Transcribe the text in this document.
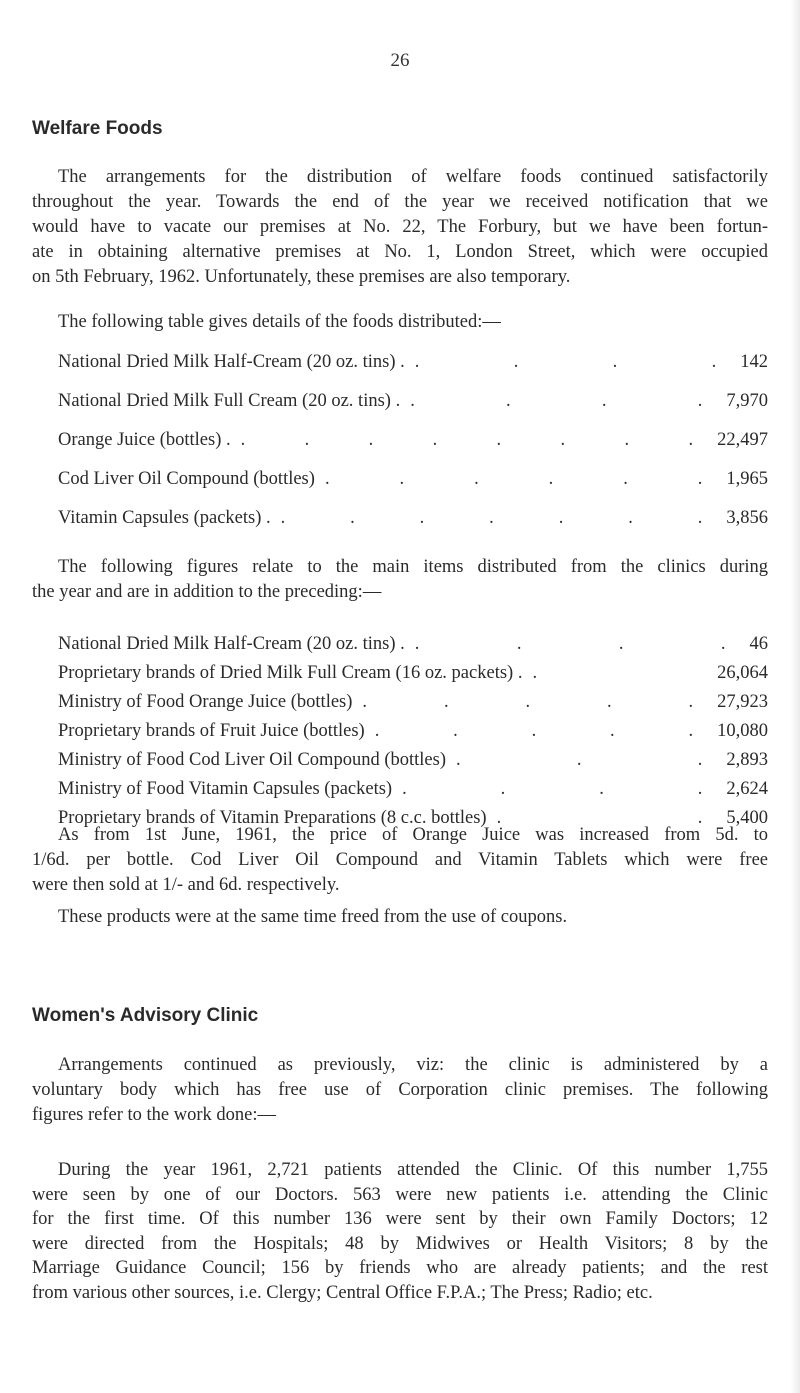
26
Welfare Foods
The arrangements for the distribution of welfare foods continued satisfactorily
throughout the year. Towards the end of the year we received notification that we
would have to vacate our premises at No. 22, The Forbury, but we have been fortun-
ate in obtaining alternative premises at No. 1, London Street, which were occupied
on 5th February, 1962. Unfortunately, these premises are also temporary.
The following table gives details of the foods distributed:—
National Dried Milk Half-Cream (20 oz. tins) . . . . . 142
National Dried Milk Full Cream (20 oz. tins) . . . . . 7,970
Orange Juice (bottles) . . . . . . . . . 22,497
Cod Liver Oil Compound (bottles) . . . . . . 1,965
Vitamin Capsules (packets) . . . . . . . . 3,856
The following figures relate to the main items distributed from the clinics during
the year and are in addition to the preceding:—
National Dried Milk Half-Cream (20 oz. tins) . . . . . 46
Proprietary brands of Dried Milk Full Cream (16 oz. packets) . .	26,064
Ministry of Food Orange Juice (bottles) . . . . . 27,923
Proprietary brands of Fruit Juice (bottles) . . . . . 10,080
Ministry of Food Cod Liver Oil Compound (bottles) . . . 2,893
Ministry of Food Vitamin Capsules (packets) . . . . 2,624
Proprietary brands of Vitamin Preparations (8 c.c. bottles) . . 5,400
As from 1st June, 1961, the price of Orange Juice was increased from 5d. to
1/6d. per bottle. Cod Liver Oil Compound and Vitamin Tablets which were free
were then sold at 1/- and 6d. respectively.
These products were at the same time freed from the use of coupons.
Women's Advisory Clinic
Arrangements continued as previously, viz: the clinic is administered by a
voluntary body which has free use of Corporation clinic premises. The following
figures refer to the work done:—
During the year 1961, 2,721 patients attended the Clinic. Of this number 1,755
were seen by one of our Doctors. 563 were new patients i.e. attending the Clinic
for the first time. Of this number 136 were sent by their own Family Doctors; 12
were directed from the Hospitals; 48 by Midwives or Health Visitors; 8 by the
Marriage Guidance Council; 156 by friends who are already patients; and the rest
from various other sources, i.e. Clergy; Central Office F.P.A.; The Press; Radio; etc.
